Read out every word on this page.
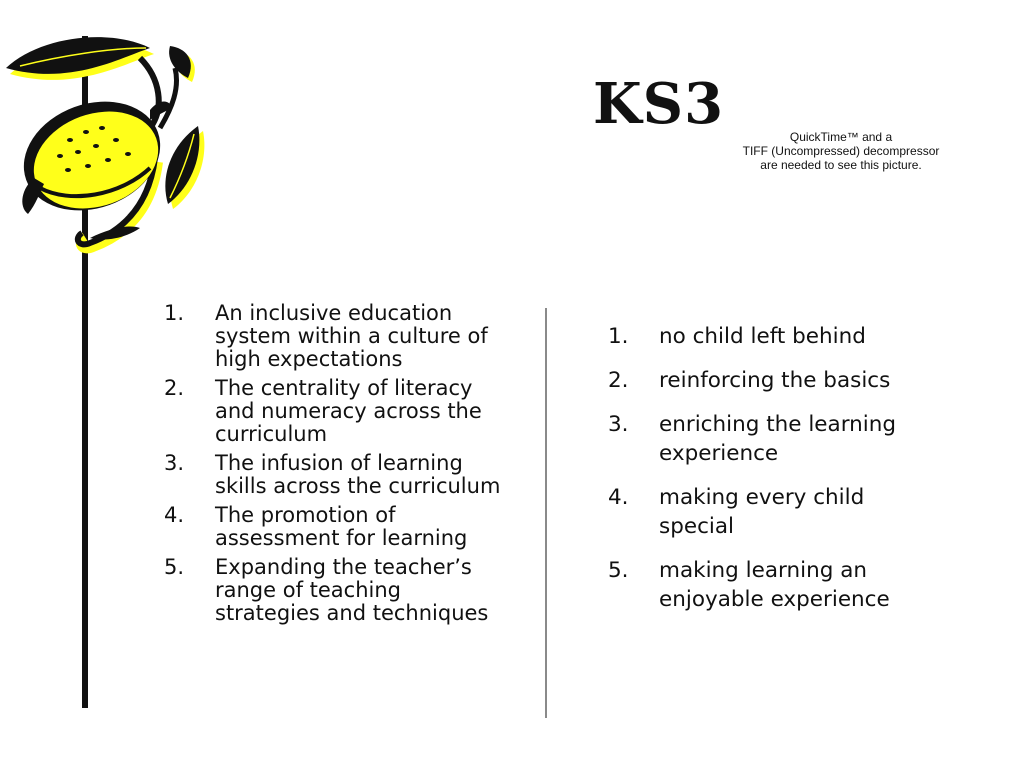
KS3	QuickTime™ and a
TIFF (Uncompressed) decompressor
are needed to see this picture.
1. An inclusive education system within a culture of high expectations
2. The centrality of literacy and numeracy across the curriculum
3. The infusion of learning skills across the curriculum
4. The promotion of assessment for learning
5. Expanding the teacher’s range of teaching strategies and techniques
1. no child left behind
2. reinforcing the basics
3. enriching the learning experience
4. making every child special
5. making learning an enjoyable experience
